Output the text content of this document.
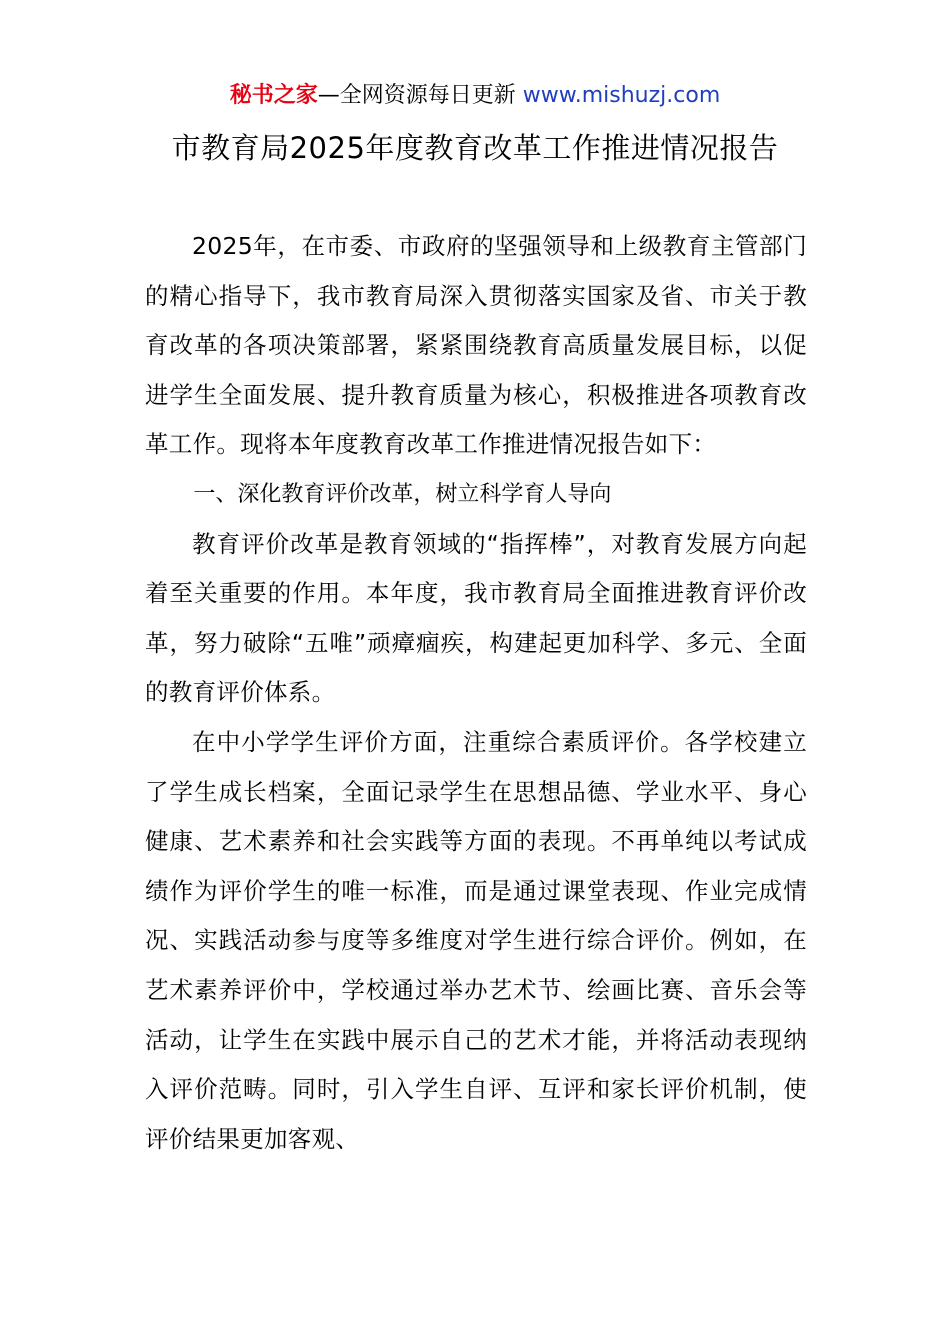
秘书之家—全网资源每日更新 www.mishuzj.com
市教育局2025年度教育改革工作推进情况报告

2025年，在市委、市政府的坚强领导和上级教育主管部门的精心指导下，我市教育局深入贯彻落实国家及省、市关于教育改革的各项决策部署，紧紧围绕教育高质量发展目标，以促进学生全面发展、提升教育质量为核心，积极推进各项教育改革工作。现将本年度教育改革工作推进情况报告如下：

一、深化教育评价改革，树立科学育人导向

教育评价改革是教育领域的“指挥棒”，对教育发展方向起着至关重要的作用。本年度，我市教育局全面推进教育评价改革，努力破除“五唯”顽瘴痼疾，构建起更加科学、多元、全面的教育评价体系。

在中小学学生评价方面，注重综合素质评价。各学校建立了学生成长档案，全面记录学生在思想品德、学业水平、身心健康、艺术素养和社会实践等方面的表现。不再单纯以考试成绩作为评价学生的唯一标准，而是通过课堂表现、作业完成情况、实践活动参与度等多维度对学生进行综合评价。例如，在艺术素养评价中，学校通过举办艺术节、绘画比赛、音乐会等活动，让学生在实践中展示自己的艺术才能，并将活动表现纳入评价范畴。同时，引入学生自评、互评和家长评价机制，使评价结果更加客观、
